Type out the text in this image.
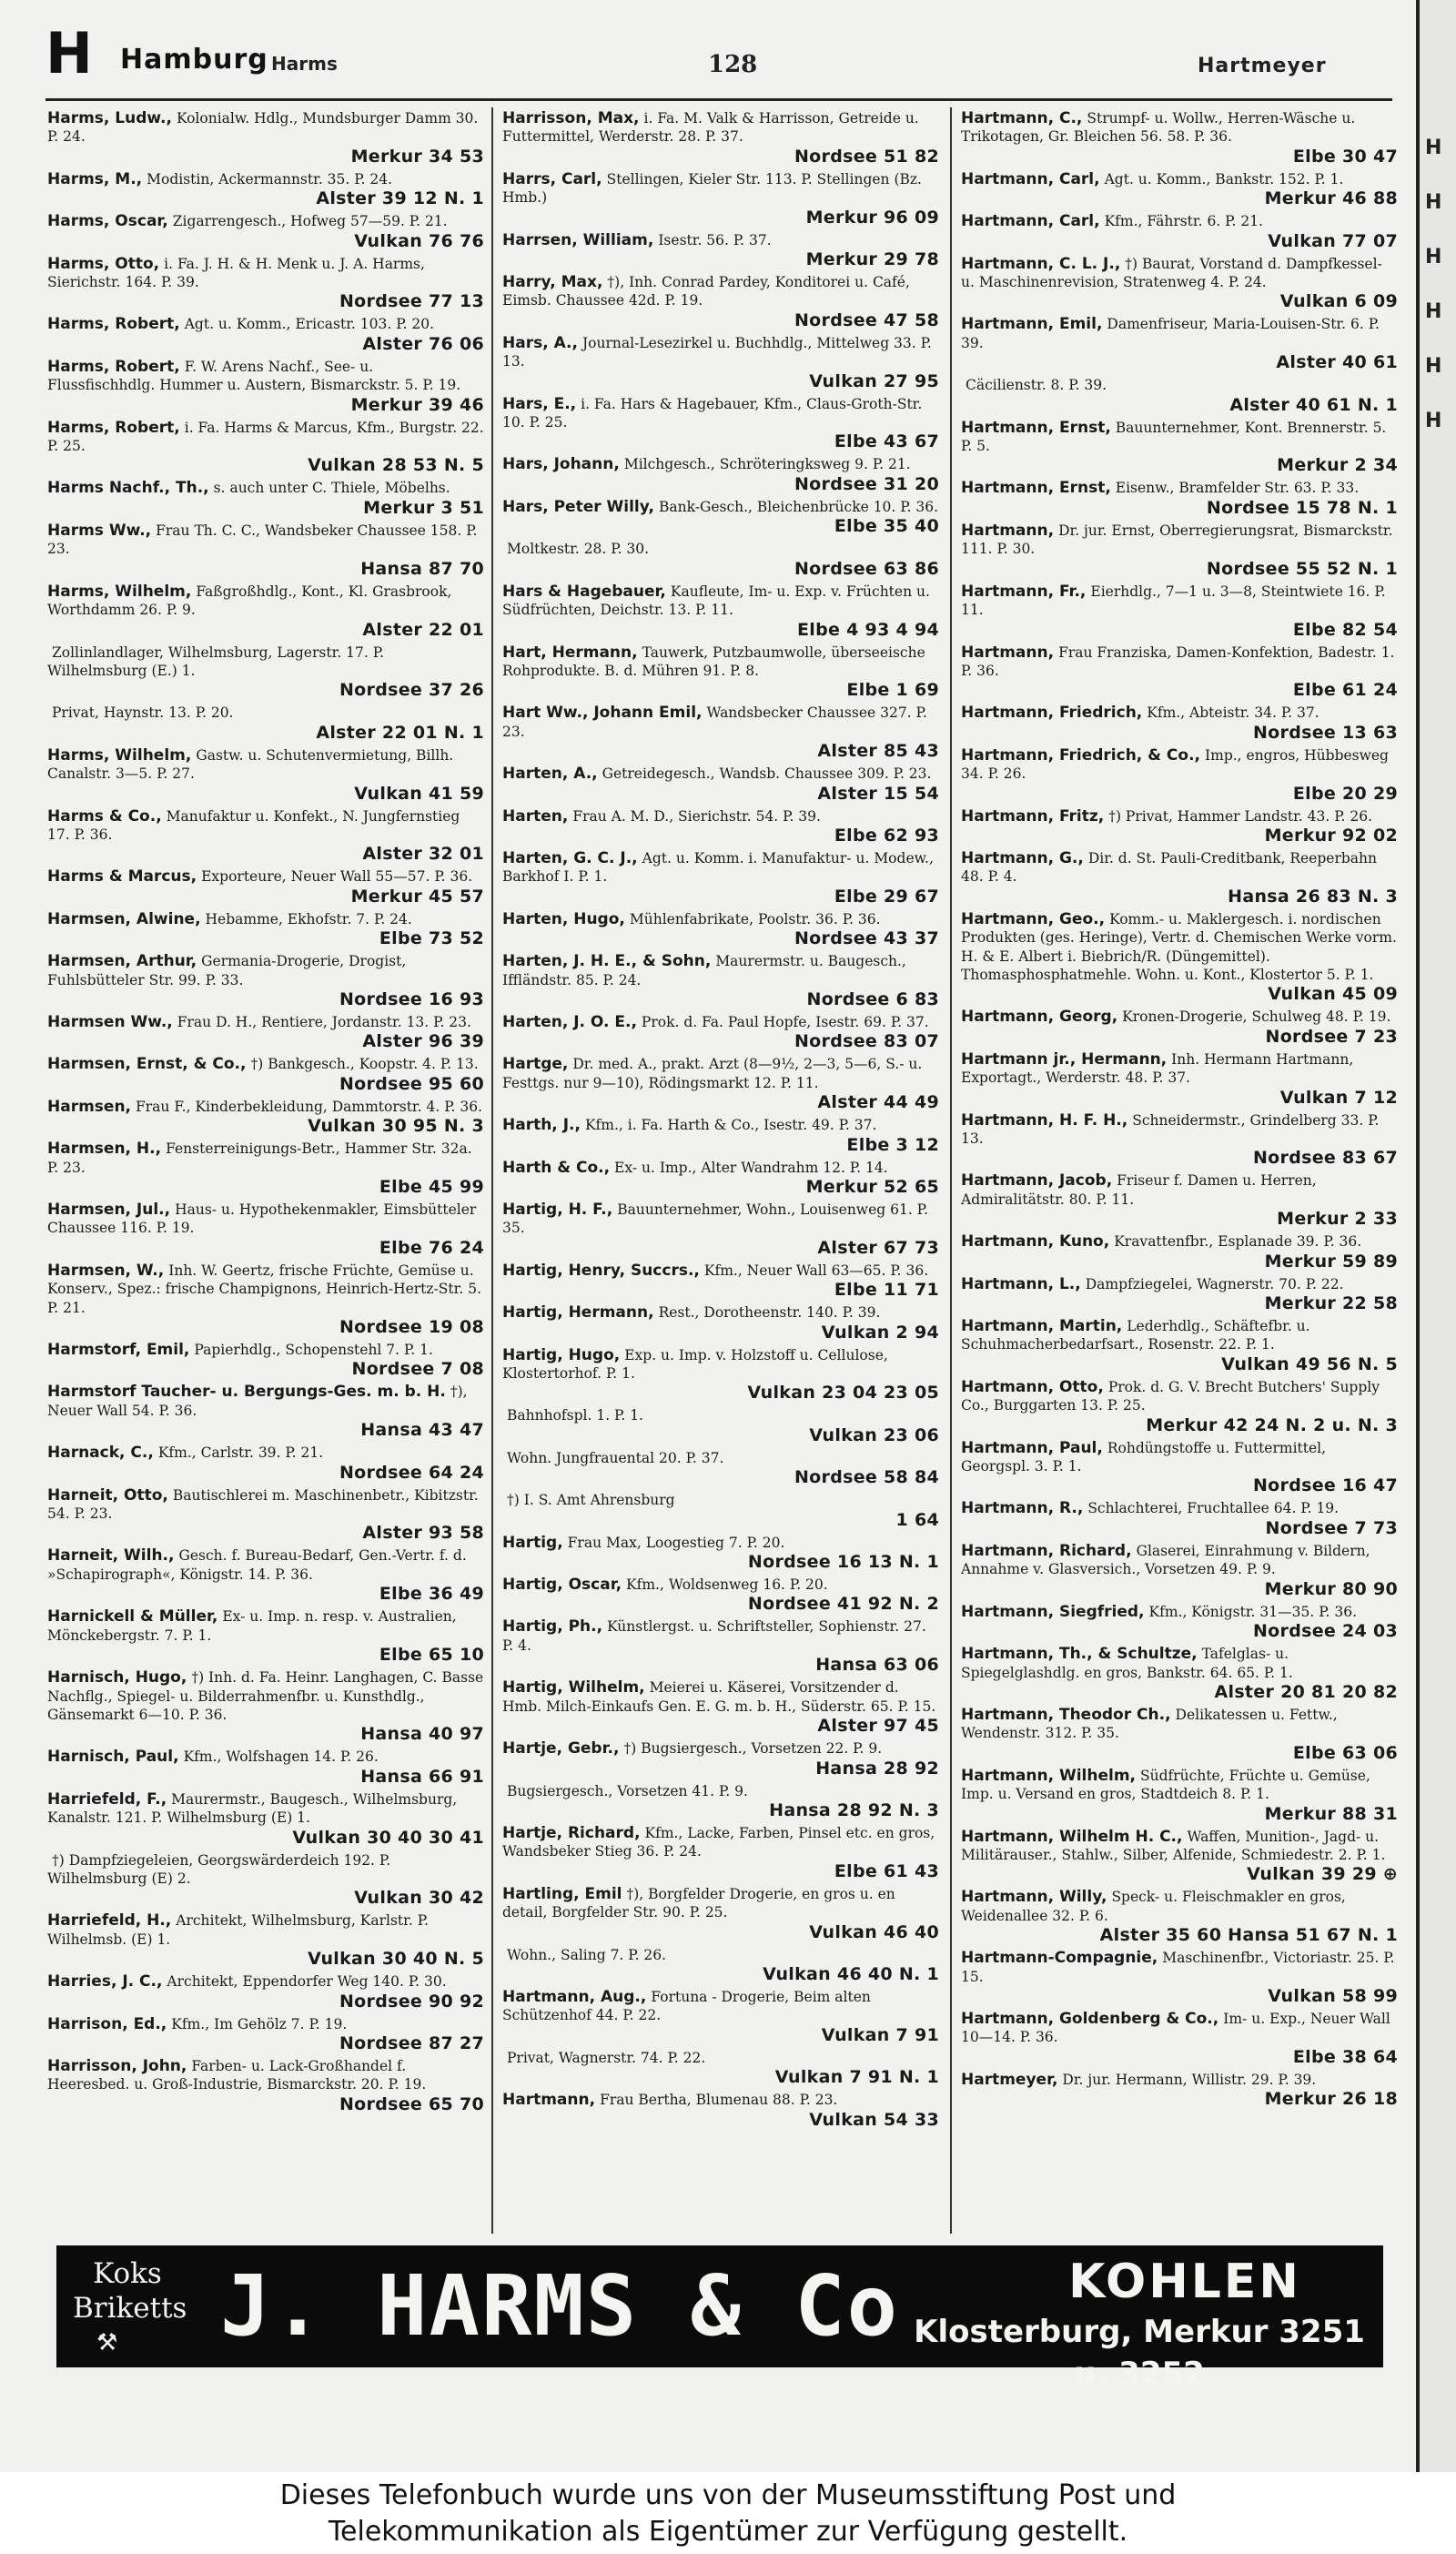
H Hamburg Harms	128	Hartmeyer
Harms, Ludw., Kolonialw. Hdlg., Mundsburger Damm 30. P. 24.
Merkur 34 53
Harms, M., Modistin, Ackermannstr. 35. P. 24.
Alster 39 12 N. 1
Harms, Oscar, Zigarrengesch., Hofweg 57—59. P. 21.
Vulkan 76 76
Harms, Otto, i. Fa. J. H. & H. Menk u. J. A. Harms, Sierichstr. 164. P. 39.
Nordsee 77 13
Harms, Robert, Agt. u. Komm., Ericastr. 103. P. 20.
Alster 76 06
Harms, Robert, F. W. Arens Nachf., See- u. Flussfischhdlg. Hummer u. Austern, Bismarckstr. 5. P. 19.
Merkur 39 46
Harms, Robert, i. Fa. Harms & Marcus, Kfm., Burgstr. 22. P. 25.
Vulkan 28 53 N. 5
Harms Nachf., Th., s. auch unter C. Thiele, Möbelhs.
Merkur 3 51
Harms Ww., Frau Th. C. C., Wandsbeker Chaussee 158. P. 23.
Hansa 87 70
Harms, Wilhelm, Faßgroßhdlg., Kont., Kl. Grasbrook, Worthdamm 26. P. 9.
Alster 22 01
Zollinlandlager, Wilhelmsburg, Lagerstr. 17. P. Wilhelmsburg (E.) 1.
Nordsee 37 26
Privat, Haynstr. 13. P. 20.
Alster 22 01 N. 1
Harms, Wilhelm, Gastw. u. Schutenvermietung, Billh. Canalstr. 3—5. P. 27.
Vulkan 41 59
Harms & Co., Manufaktur u. Konfekt., N. Jungfernstieg 17. P. 36.
Alster 32 01
Harms & Marcus, Exporteure, Neuer Wall 55—57. P. 36.
Merkur 45 57
Harmsen, Alwine, Hebamme, Ekhofstr. 7. P. 24.
Elbe 73 52
Harmsen, Arthur, Germania-Drogerie, Drogist, Fuhlsbütteler Str. 99. P. 33.
Nordsee 16 93
Harmsen Ww., Frau D. H., Rentiere, Jordanstr. 13. P. 23.
Alster 96 39
Harmsen, Ernst, & Co., †) Bankgesch., Koopstr. 4. P. 13.
Nordsee 95 60
Harmsen, Frau F., Kinderbekleidung, Dammtorstr. 4. P. 36.
Vulkan 30 95 N. 3
Harmsen, H., Fensterreinigungs-Betr., Hammer Str. 32a. P. 23.
Elbe 45 99
Harmsen, Jul., Haus- u. Hypothekenmakler, Eimsbütteler Chaussee 116. P. 19.
Elbe 76 24
Harmsen, W., Inh. W. Geertz, frische Früchte, Gemüse u. Konserv., Spez.: frische Champignons, Heinrich-Hertz-Str. 5. P. 21.
Nordsee 19 08
Harmstorf, Emil, Papierhdlg., Schopenstehl 7. P. 1.
Nordsee 7 08
Harmstorf Taucher- u. Bergungs-Ges. m. b. H. †), Neuer Wall 54. P. 36.
Hansa 43 47
Harnack, C., Kfm., Carlstr. 39. P. 21.
Nordsee 64 24
Harneit, Otto, Bautischlerei m. Maschinenbetr., Kibitzstr. 54. P. 23.
Alster 93 58
Harneit, Wilh., Gesch. f. Bureau-Bedarf, Gen.-Vertr. f. d. »Schapirograph«, Königstr. 14. P. 36.
Elbe 36 49
Harnickell & Müller, Ex- u. Imp. n. resp. v. Australien, Mönckebergstr. 7. P. 1.
Elbe 65 10
Harnisch, Hugo, †) Inh. d. Fa. Heinr. Langhagen, C. Basse Nachflg., Spiegel- u. Bilderrahmenfbr. u. Kunsthdlg., Gänsemarkt 6—10. P. 36.
Hansa 40 97
Harnisch, Paul, Kfm., Wolfshagen 14. P. 26.
Hansa 66 91
Harriefeld, F., Maurermstr., Baugesch., Wilhelmsburg, Kanalstr. 121. P. Wilhelmsburg (E) 1.
Vulkan 30 40 30 41
†) Dampfziegeleien, Georgswärderdeich 192. P. Wilhelmsburg (E) 2.
Vulkan 30 42
Harriefeld, H., Architekt, Wilhelmsburg, Karlstr. P. Wilhelmsb. (E) 1.
Vulkan 30 40 N. 5
Harries, J. C., Architekt, Eppendorfer Weg 140. P. 30.
Nordsee 90 92
Harrison, Ed., Kfm., Im Gehölz 7. P. 19.
Nordsee 87 27
Harrisson, John, Farben- u. Lack-Großhandel f. Heeresbed. u. Groß-Industrie, Bismarckstr. 20. P. 19.
Nordsee 65 70
Harrisson, Max, i. Fa. M. Valk & Harrisson, Getreide u. Futtermittel, Werderstr. 28. P. 37.
Nordsee 51 82
Harrs, Carl, Stellingen, Kieler Str. 113. P. Stellingen (Bz. Hmb.)
Merkur 96 09
Harrsen, William, Isestr. 56. P. 37.
Merkur 29 78
Harry, Max, †), Inh. Conrad Pardey, Konditorei u. Café, Eimsb. Chaussee 42d. P. 19.
Nordsee 47 58
Hars, A., Journal-Lesezirkel u. Buchhdlg., Mittelweg 33. P. 13.
Vulkan 27 95
Hars, E., i. Fa. Hars & Hagebauer, Kfm., Claus-Groth-Str. 10. P. 25.
Elbe 43 67
Hars, Johann, Milchgesch., Schröteringksweg 9. P. 21.
Nordsee 31 20
Hars, Peter Willy, Bank-Gesch., Bleichenbrücke 10. P. 36.
Elbe 35 40
Moltkestr. 28. P. 30.
Nordsee 63 86
Hars & Hagebauer, Kaufleute, Im- u. Exp. v. Früchten u. Südfrüchten, Deichstr. 13. P. 11.
Elbe 4 93 4 94
Hart, Hermann, Tauwerk, Putzbaumwolle, überseeische Rohprodukte. B. d. Mühren 91. P. 8.
Elbe 1 69
Hart Ww., Johann Emil, Wandsbecker Chaussee 327. P. 23.
Alster 85 43
Harten, A., Getreidegesch., Wandsb. Chaussee 309. P. 23.
Alster 15 54
Harten, Frau A. M. D., Sierichstr. 54. P. 39.
Elbe 62 93
Harten, G. C. J., Agt. u. Komm. i. Manufaktur- u. Modew., Barkhof I. P. 1.
Elbe 29 67
Harten, Hugo, Mühlenfabrikate, Poolstr. 36. P. 36.
Nordsee 43 37
Harten, J. H. E., & Sohn, Maurermstr. u. Baugesch., Iffländstr. 85. P. 24.
Nordsee 6 83
Harten, J. O. E., Prok. d. Fa. Paul Hopfe, Isestr. 69. P. 37.
Nordsee 83 07
Hartge, Dr. med. A., prakt. Arzt (8—9½, 2—3, 5—6, S.- u. Festtgs. nur 9—10), Rödingsmarkt 12. P. 11.
Alster 44 49
Harth, J., Kfm., i. Fa. Harth & Co., Isestr. 49. P. 37.
Elbe 3 12
Harth & Co., Ex- u. Imp., Alter Wandrahm 12. P. 14.
Merkur 52 65
Hartig, H. F., Bauunternehmer, Wohn., Louisenweg 61. P. 35.
Alster 67 73
Hartig, Henry, Succrs., Kfm., Neuer Wall 63—65. P. 36.
Elbe 11 71
Hartig, Hermann, Rest., Dorotheenstr. 140. P. 39.
Vulkan 2 94
Hartig, Hugo, Exp. u. Imp. v. Holzstoff u. Cellulose, Klostertorhof. P. 1.
Vulkan 23 04 23 05
Bahnhofspl. 1. P. 1.
Vulkan 23 06
Wohn. Jungfrauental 20. P. 37.
Nordsee 58 84
†) I. S. Amt Ahrensburg
1 64
Hartig, Frau Max, Loogestieg 7. P. 20.
Nordsee 16 13 N. 1
Hartig, Oscar, Kfm., Woldsenweg 16. P. 20.
Nordsee 41 92 N. 2
Hartig, Ph., Künstlergst. u. Schriftsteller, Sophienstr. 27. P. 4.
Hansa 63 06
Hartig, Wilhelm, Meierei u. Käserei, Vorsitzender d. Hmb. Milch-Einkaufs Gen. E. G. m. b. H., Süderstr. 65. P. 15.
Alster 97 45
Hartje, Gebr., †) Bugsiergesch., Vorsetzen 22. P. 9.
Hansa 28 92
Bugsiergesch., Vorsetzen 41. P. 9.
Hansa 28 92 N. 3
Hartje, Richard, Kfm., Lacke, Farben, Pinsel etc. en gros, Wandsbeker Stieg 36. P. 24.
Elbe 61 43
Hartling, Emil †), Borgfelder Drogerie, en gros u. en detail, Borgfelder Str. 90. P. 25.
Vulkan 46 40
Wohn., Saling 7. P. 26.
Vulkan 46 40 N. 1
Hartmann, Aug., Fortuna - Drogerie, Beim alten Schützenhof 44. P. 22.
Vulkan 7 91
Privat, Wagnerstr. 74. P. 22.
Vulkan 7 91 N. 1
Hartmann, Frau Bertha, Blumenau 88. P. 23.
Vulkan 54 33
Hartmann, C., Strumpf- u. Wollw., Herren-Wäsche u. Trikotagen, Gr. Bleichen 56. 58. P. 36.
Elbe 30 47
Hartmann, Carl, Agt. u. Komm., Bankstr. 152. P. 1.
Merkur 46 88
Hartmann, Carl, Kfm., Fährstr. 6. P. 21.
Vulkan 77 07
Hartmann, C. L. J., †) Baurat, Vorstand d. Dampfkessel- u. Maschinenrevision, Stratenweg 4. P. 24.
Vulkan 6 09
Hartmann, Emil, Damenfriseur, Maria-Louisen-Str. 6. P. 39.
Alster 40 61
Cäcilienstr. 8. P. 39.
Alster 40 61 N. 1
Hartmann, Ernst, Bauunternehmer, Kont. Brennerstr. 5. P. 5.
Merkur 2 34
Hartmann, Ernst, Eisenw., Bramfelder Str. 63. P. 33.
Nordsee 15 78 N. 1
Hartmann, Dr. jur. Ernst, Oberregierungsrat, Bismarckstr. 111. P. 30.
Nordsee 55 52 N. 1
Hartmann, Fr., Eierhdlg., 7—1 u. 3—8, Steintwiete 16. P. 11.
Elbe 82 54
Hartmann, Frau Franziska, Damen-Konfektion, Badestr. 1. P. 36.
Elbe 61 24
Hartmann, Friedrich, Kfm., Abteistr. 34. P. 37.
Nordsee 13 63
Hartmann, Friedrich, & Co., Imp., engros, Hübbesweg 34. P. 26.
Elbe 20 29
Hartmann, Fritz, †) Privat, Hammer Landstr. 43. P. 26.
Merkur 92 02
Hartmann, G., Dir. d. St. Pauli-Creditbank, Reeperbahn 48. P. 4.
Hansa 26 83 N. 3
Hartmann, Geo., Komm.- u. Maklergesch. i. nordischen Produkten (ges. Heringe), Vertr. d. Chemischen Werke vorm. H. & E. Albert i. Biebrich/R. (Düngemittel). Thomasphosphatmehle. Wohn. u. Kont., Klostertor 5. P. 1.
Vulkan 45 09
Hartmann, Georg, Kronen-Drogerie, Schulweg 48. P. 19.
Nordsee 7 23
Hartmann jr., Hermann, Inh. Hermann Hartmann, Exportagt., Werderstr. 48. P. 37.
Vulkan 7 12
Hartmann, H. F. H., Schneidermstr., Grindelberg 33. P. 13.
Nordsee 83 67
Hartmann, Jacob, Friseur f. Damen u. Herren, Admiralitätstr. 80. P. 11.
Merkur 2 33
Hartmann, Kuno, Kravattenfbr., Esplanade 39. P. 36.
Merkur 59 89
Hartmann, L., Dampfziegelei, Wagnerstr. 70. P. 22.
Merkur 22 58
Hartmann, Martin, Lederhdlg., Schäftefbr. u. Schuhmacherbedarfsart., Rosenstr. 22. P. 1.
Vulkan 49 56 N. 5
Hartmann, Otto, Prok. d. G. V. Brecht Butchers' Supply Co., Burggarten 13. P. 25.
Merkur 42 24 N. 2 u. N. 3
Hartmann, Paul, Rohdüngstoffe u. Futtermittel, Georgspl. 3. P. 1.
Nordsee 16 47
Hartmann, R., Schlachterei, Fruchtallee 64. P. 19.
Nordsee 7 73
Hartmann, Richard, Glaserei, Einrahmung v. Bildern, Annahme v. Glasversich., Vorsetzen 49. P. 9.
Merkur 80 90
Hartmann, Siegfried, Kfm., Königstr. 31—35. P. 36.
Nordsee 24 03
Hartmann, Th., & Schultze, Tafelglas- u. Spiegelglashdlg. en gros, Bankstr. 64. 65. P. 1.
Alster 20 81 20 82
Hartmann, Theodor Ch., Delikatessen u. Fettw., Wendenstr. 312. P. 35.
Elbe 63 06
Hartmann, Wilhelm, Südfrüchte, Früchte u. Gemüse, Imp. u. Versand en gros, Stadtdeich 8. P. 1.
Merkur 88 31
Hartmann, Wilhelm H. C., Waffen, Munition-, Jagd- u. Militärauser., Stahlw., Silber, Alfenide, Schmiedestr. 2. P. 1.
Vulkan 39 29 ⊕
Hartmann, Willy, Speck- u. Fleischmakler en gros, Weidenallee 32. P. 6.
Alster 35 60 Hansa 51 67 N. 1
Hartmann-Compagnie, Maschinenfbr., Victoriastr. 25. P. 15.
Vulkan 58 99
Hartmann, Goldenberg & Co., Im- u. Exp., Neuer Wall 10—14. P. 36.
Elbe 38 64
Hartmeyer, Dr. jur. Hermann, Willistr. 29. P. 39.
Merkur 26 18
Koks
Briketts
⚒ J. HARMS & Co	KOHLEN
Klosterburg, Merkur 3251 u. 3252
H
H
H
H
H
H
Dieses Telefonbuch wurde uns von der Museumsstiftung Post und
Telekommunikation als Eigentümer zur Verfügung gestellt.
